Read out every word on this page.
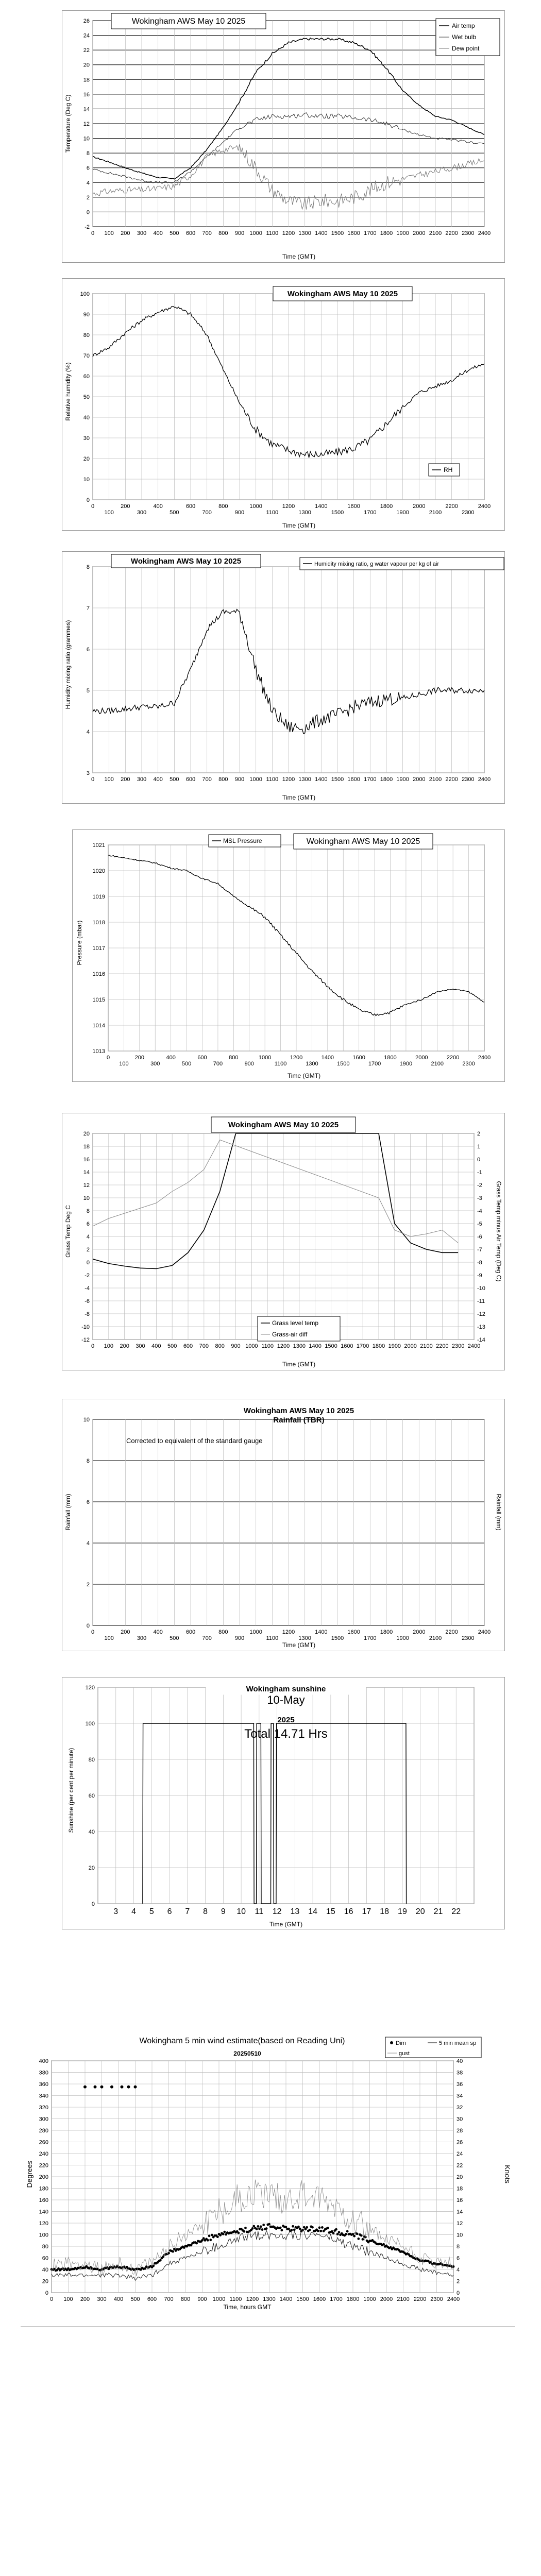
-2
0
2
4
6
8
10
12
14
16
18
20
22
24
26
0 100 200 300 400 500 600 700 800 900 1000 1100 1200 1300 1400 1500 1600 1700 1800 1900 2000 2100 2200 2300 2400
Wokingham AWS May 10 2025	Air temp
Wet bulb
Dew point
Time (GMT)
Temperature (Deg C)
0
10
20
30
40
50
60
70
80
90
100
0
100
200
300
400
500
600
700
800
900
1000
1100
1200
1300
1400
1500
1600
1700
1800
1900
2000
2100
2200
2300
2400
Wokingham AWS May 10 2025
RH
Time (GMT)
Relative humidity (%)
3
4
5
6
7
8
0 100 200 300 400 500 600 700 800 900 1000 1100 1200 1300 1400 1500 1600 1700 1800 1900 2000 2100 2200 2300 2400
Wokingham AWS May 10 2025	Humidity mixing ratio, g water vapour per kg of air
Time (GMT)
Humidity mixing ratio (grammes)
1013
1014
1015
1016
1017
1018
1019
1020
1021
0
100
200
300
400
500
600
700
800
900
1000
1100
1200
1300
1400
1500
1600
1700
1800
1900
2000
2100
2200
2300
2400
MSL Pressure	Wokingham AWS May 10 2025
Time (GMT)
Pressure (mbar)
-12
-10
-8
-6
-4
-2
0
2
4
6
8
10
12
14
16
18
20
-14
-13
-12
-11
-10
-9
-8
-7
-6
-5
-4
-3
-2
-1
0
1
2
0 100 200 300 400 500 600 700 800 900 1000 1100 1200 1300 1400 1500 1600 1700 1800 1900 2000 2100 2200 2300 2400
Wokingham AWS May 10 2025
Grass level temp
Grass-air diff
Time (GMT)
Grass Temp Deg C	Grass Temp minus Air Temp (Deg C)
0
2
4
6
8
10
0
100
200
300
400
500
600
700
800
900
1000
1100
1200
1300
1400
1500
1600
1700
1800
1900
2000
2100
2200
2300
2400
Wokingham AWS May 10 2025
Rainfall (TBR)
Corrected to equivalent of the standard gauge
Time (GMT)
Rainfall (mm)	Rainfall (mm)
0
20
40
60
80
100
120
3 4 5 6 7 8 9 10 11 12 13 14 15 16 17 18 19 20 21 22
Wokingham sunshine
10-May
2025
Total 14.71 Hrs
Time (GMT)
Sunshine (per cent per minute)
0
20
40
60
80
100
120
140
160
180
200
220
240
260
280
300
320
340
360
380
400
0
2
4
6
8
10
12
14
16
18
20
22
24
26
28
30
32
34
36
38
40
0 100 200 300 400 500 600 700 800 900 1000 1100 1200 1300 1400 1500 1600 1700 1800 1900 2000 2100 2200 2300 2400
Wokingham 5 min wind estimate(based on Reading Uni)
20250510
Dirn	5 min mean sp
gust
Time, hours GMT
Degrees	Knots
